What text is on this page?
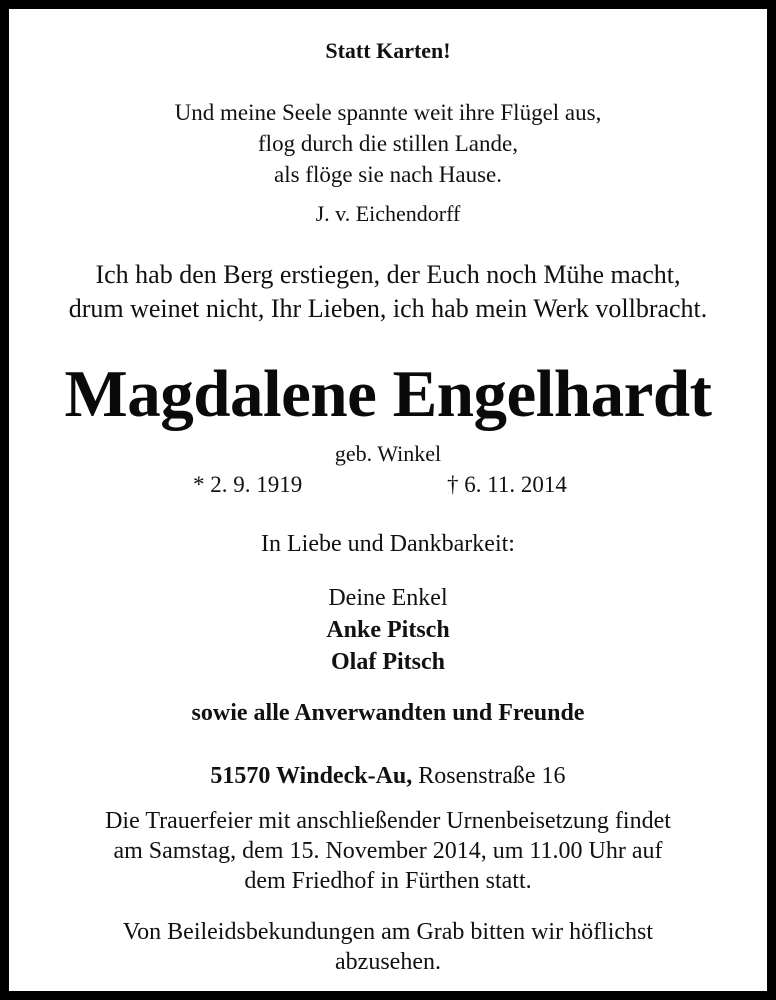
Statt Karten!
Und meine Seele spannte weit ihre Flügel aus,
flog durch die stillen Lande,
als flöge sie nach Hause.
J. v. Eichendorff
Ich hab den Berg erstiegen, der Euch noch Mühe macht,
drum weinet nicht, Ihr Lieben, ich hab mein Werk vollbracht.
Magdalene Engelhardt
geb. Winkel
* 2. 9. 1919	† 6. 11. 2014
In Liebe und Dankbarkeit:
Deine Enkel
Anke Pitsch
Olaf Pitsch
sowie alle Anverwandten und Freunde
51570 Windeck-Au, Rosenstraße 16
Die Trauerfeier mit anschließender Urnenbeisetzung findet
am Samstag, dem 15. November 2014, um 11.00 Uhr auf
dem Friedhof in Fürthen statt.
Von Beileidsbekundungen am Grab bitten wir höflichst
abzusehen.
